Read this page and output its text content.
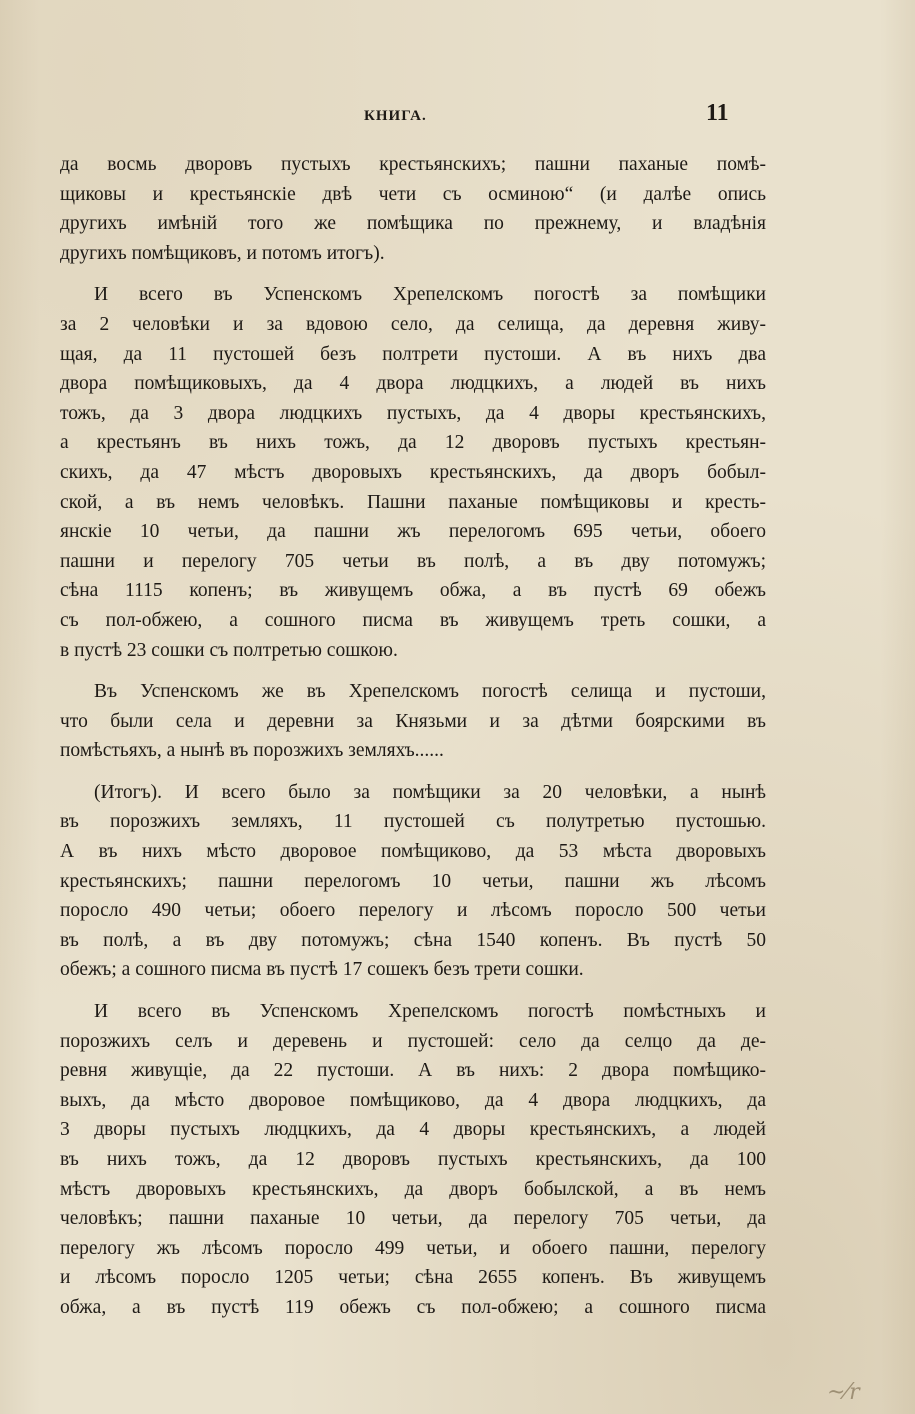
КНИГА.	11
да восмь дворовъ пустыхъ крестьянскихъ; пашни паханые помѣ-
щиковы и крестьянскіе двѣ чети съ осминою“ (и далѣе опись
другихъ имѣній того же помѣщика по прежнему, и владѣнія
другихъ помѣщиковъ, и потомъ итогъ).
И всего въ Успенскомъ Хрепелскомъ погостѣ за помѣщики
за 2 человѣки и за вдовою село, да селища, да деревня живу-
щая, да 11 пустошей безъ полтрети пустоши. А въ нихъ два
двора помѣщиковыхъ, да 4 двора людцкихъ, а людей въ нихъ
тожъ, да 3 двора людцкихъ пустыхъ, да 4 дворы крестьянскихъ,
а крестьянъ въ нихъ тожъ, да 12 дворовъ пустыхъ крестьян-
скихъ, да 47 мѣстъ дворовыхъ крестьянскихъ, да дворъ бобыл-
ской, а въ немъ человѣкъ. Пашни паханые помѣщиковы и кресть-
янскіе 10 четьи, да пашни жъ перелогомъ 695 четьи, обоего
пашни и перелогу 705 четьи въ полѣ, а въ дву потомужъ;
сѣна 1115 копенъ; въ живущемъ обжа, а въ пустѣ 69 обежъ
съ пол-обжею, а сошного писма въ живущемъ треть сошки, а
в пустѣ 23 сошки съ полтретью сошкою.
Въ Успенскомъ же въ Хрепелскомъ погостѣ селища и пустоши,
что были села и деревни за Князьми и за дѣтми боярскими въ
помѣстьяхъ, а нынѣ въ порозжихъ земляхъ......
(Итогъ). И всего было за помѣщики за 20 человѣки, а нынѣ
въ порозжихъ земляхъ, 11 пустошей съ полутретью пустошью.
А въ нихъ мѣсто дворовое помѣщиково, да 53 мѣста дворовыхъ
крестьянскихъ; пашни перелогомъ 10 четьи, пашни жъ лѣсомъ
поросло 490 четьи; обоего перелогу и лѣсомъ поросло 500 четьи
въ полѣ, а въ дву потомужъ; сѣна 1540 копенъ. Въ пустѣ 50
обежъ; а сошного писма въ пустѣ 17 сошекъ безъ трети сошки.
И всего въ Успенскомъ Хрепелскомъ погостѣ помѣстныхъ и
порозжихъ селъ и деревень и пустошей: село да селцо да де-
ревня живущіе, да 22 пустоши. А въ нихъ: 2 двора помѣщико-
выхъ, да мѣсто дворовое помѣщиково, да 4 двора людцкихъ, да
3 дворы пустыхъ людцкихъ, да 4 дворы крестьянскихъ, а людей
въ нихъ тожъ, да 12 дворовъ пустыхъ крестьянскихъ, да 100
мѣстъ дворовыхъ крестьянскихъ, да дворъ бобылской, а въ немъ
человѣкъ; пашни паханые 10 четьи, да перелогу 705 четьи, да
перелогу жъ лѣсомъ поросло 499 четьи, и обоего пашни, перелогу
и лѣсомъ поросло 1205 четьи; сѣна 2655 копенъ. Въ живущемъ
обжа, а въ пустѣ 119 обежъ съ пол-обжею; а сошного писма
~⁄r
